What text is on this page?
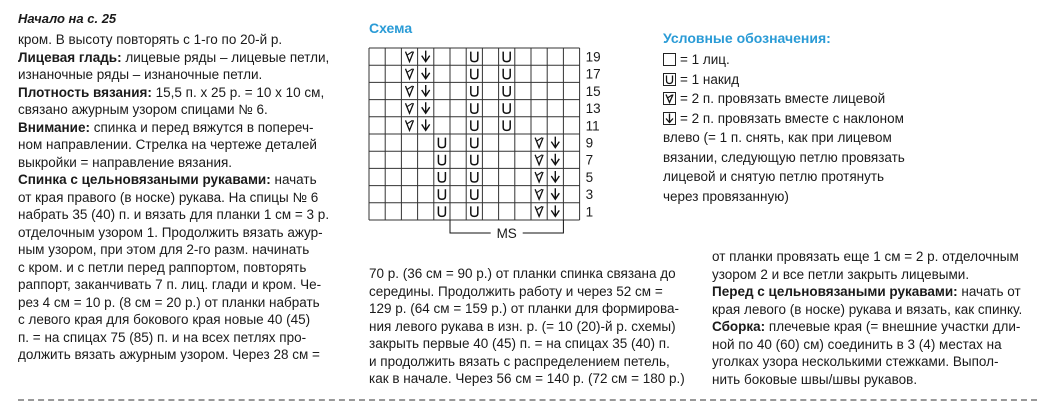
Начало на с. 25

кром. В высоту повторять с 1-го по 20-й р.

Лицевая гладь: лицевые ряды – лицевые петли,

изнаночные ряды – изнаночные петли.

Плотность вязания: 15,5 п. х 25 р. = 10 х 10 см,

связано ажурным узором спицами № 6.

Внимание: спинка и перед вяжутся в попереч-

ном направлении. Стрелка на чертеже деталей

выкройки = направление вязания.

Спинка с цельновязаными рукавами: начать

от края правого (в носке) рукава. На спицы № 6

набрать 35 (40) п. и вязать для планки 1 см = 3 р.

отделочным узором 1. Продолжить вязать ажур-

ным узором, при этом для 2-го разм. начинать

с кром. и с петли перед раппортом, повторять

раппорт, заканчивать 7 п. лиц. глади и кром. Че-

рез 4 см = 10 р. (8 см = 20 р.) от планки набрать

с левого края для бокового края новые 40 (45)

п. = на спицах 75 (85) п. и на всех петлях про-

должить вязать ажурным узором. Через 28 см =

70 р. (36 см = 90 р.) от планки спинка связана до

середины. Продолжить работу и через 52 см =

129 р. (64 см = 159 р.) от планки для формирова-

ния левого рукава в изн. р. (= 10 (20)-й р. схемы)

закрыть первые 40 (45) п. = на спицах 35 (40) п.

и продолжить вязать с распределением петель,

как в начале. Через 56 см = 140 р. (72 см = 180 р.)

от планки провязать еще 1 см = 2 р. отделочным

узором 2 и все петли закрыть лицевыми.

Перед с цельновязаными рукавами: начать от

края левого (в носке) рукава и вязать, как спинку.

Сборка: плечевые края (= внешние участки дли-

ной по 40 (60) см) соединить в 3 (4) местах на

уголках узора несколькими стежками. Выпол-

нить боковые швы/швы рукавов.

Схема
19
17
15
13
11
9
7
5
3
1
MS
Условные обозначения:
= 1 лиц.
= 1 накид
= 2 п. провязать вместе лицевой
= 2 п. провязать вместе с наклоном
влево (= 1 п. снять, как при лицевом
вязании, следующую петлю провязать
лицевой и снятую петлю протянуть
через провязанную)
